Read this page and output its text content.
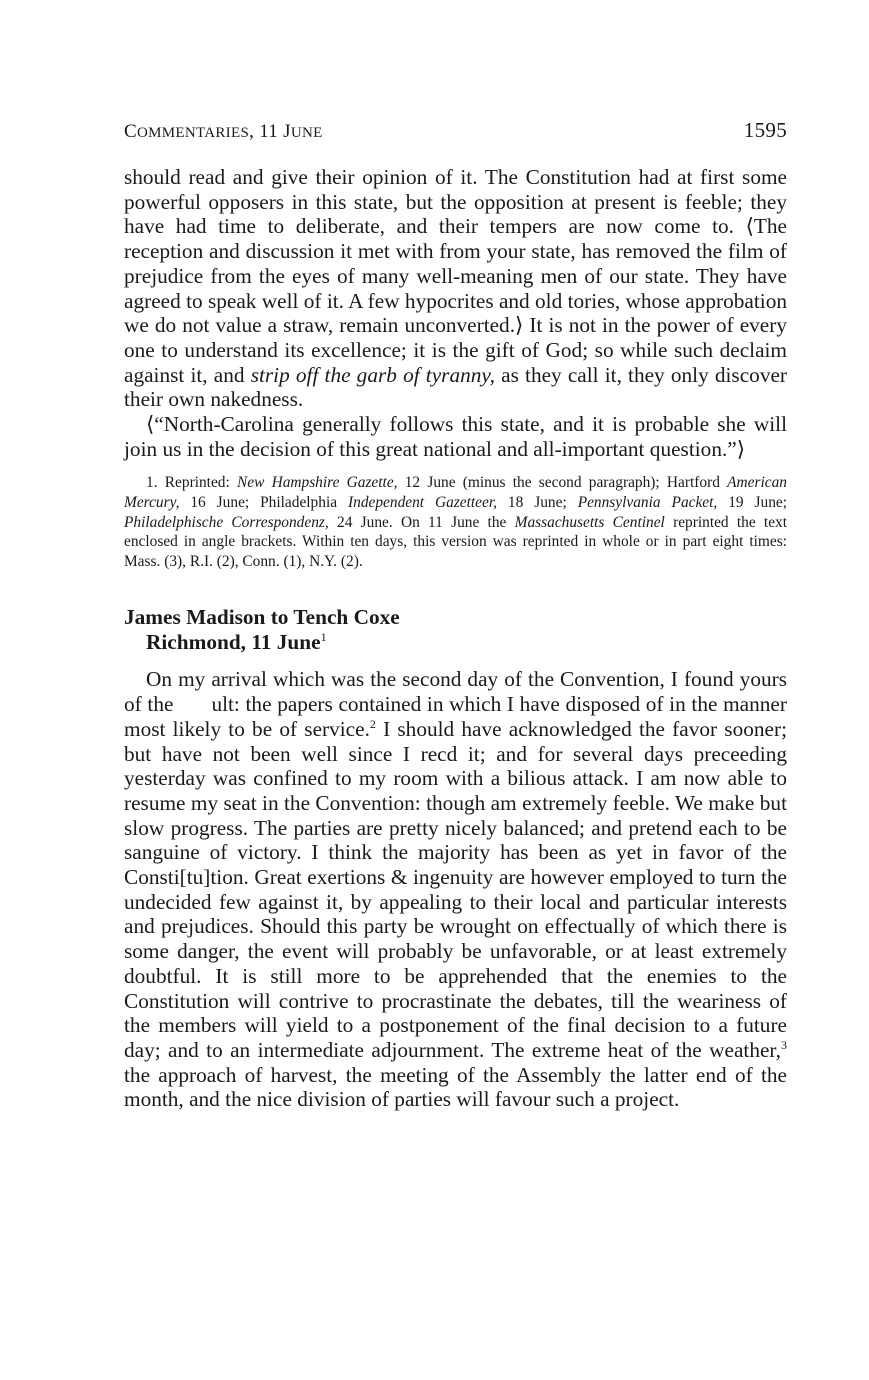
COMMENTARIES, 11 JUNE	1595

should read and give their opinion of it. The Constitution had at first some powerful opposers in this state, but the opposition at present is feeble; they have had time to deliberate, and their tempers are now come to. ⟨The reception and discussion it met with from your state, has removed the film of prejudice from the eyes of many well-meaning men of our state. They have agreed to speak well of it. A few hypocrites and old tories, whose approbation we do not value a straw, remain unconverted.⟩ It is not in the power of every one to understand its excellence; it is the gift of God; so while such declaim against it, and strip off the garb of tyranny, as they call it, they only discover their own nakedness.

⟨“North-Carolina generally follows this state, and it is probable she will join us in the decision of this great national and all-important question.”⟩

1. Reprinted: New Hampshire Gazette, 12 June (minus the second paragraph); Hartford American Mercury, 16 June; Philadelphia Independent Gazetteer, 18 June; Pennsylvania Packet, 19 June; Philadelphische Correspondenz, 24 June. On 11 June the Massachusetts Centinel reprinted the text enclosed in angle brackets. Within ten days, this version was reprinted in whole or in part eight times: Mass. (3), R.I. (2), Conn. (1), N.Y. (2).

James Madison to Tench Coxe
Richmond, 11 June$^1$

On my arrival which was the second day of the Convention, I found yours of the ult: the papers contained in which I have disposed of in the manner most likely to be of service.$^2$ I should have acknowledged the favor sooner; but have not been well since I recd it; and for several days preceeding yesterday was confined to my room with a bilious attack. I am now able to resume my seat in the Convention: though am extremely feeble. We make but slow progress. The parties are pretty nicely balanced; and pretend each to be sanguine of victory. I think the majority has been as yet in favor of the Consti[tu]tion. Great exertions & ingenuity are however employed to turn the undecided few against it, by appealing to their local and particular interests and prejudices. Should this party be wrought on effectually of which there is some danger, the event will probably be unfavorable, or at least extremely doubtful. It is still more to be apprehended that the enemies to the Constitution will contrive to procrastinate the debates, till the weariness of the members will yield to a postponement of the final decision to a future day; and to an intermediate adjournment. The extreme heat of the weather,$^3$ the approach of harvest, the meeting of the Assembly the latter end of the month, and the nice division of parties will favour such a project.
